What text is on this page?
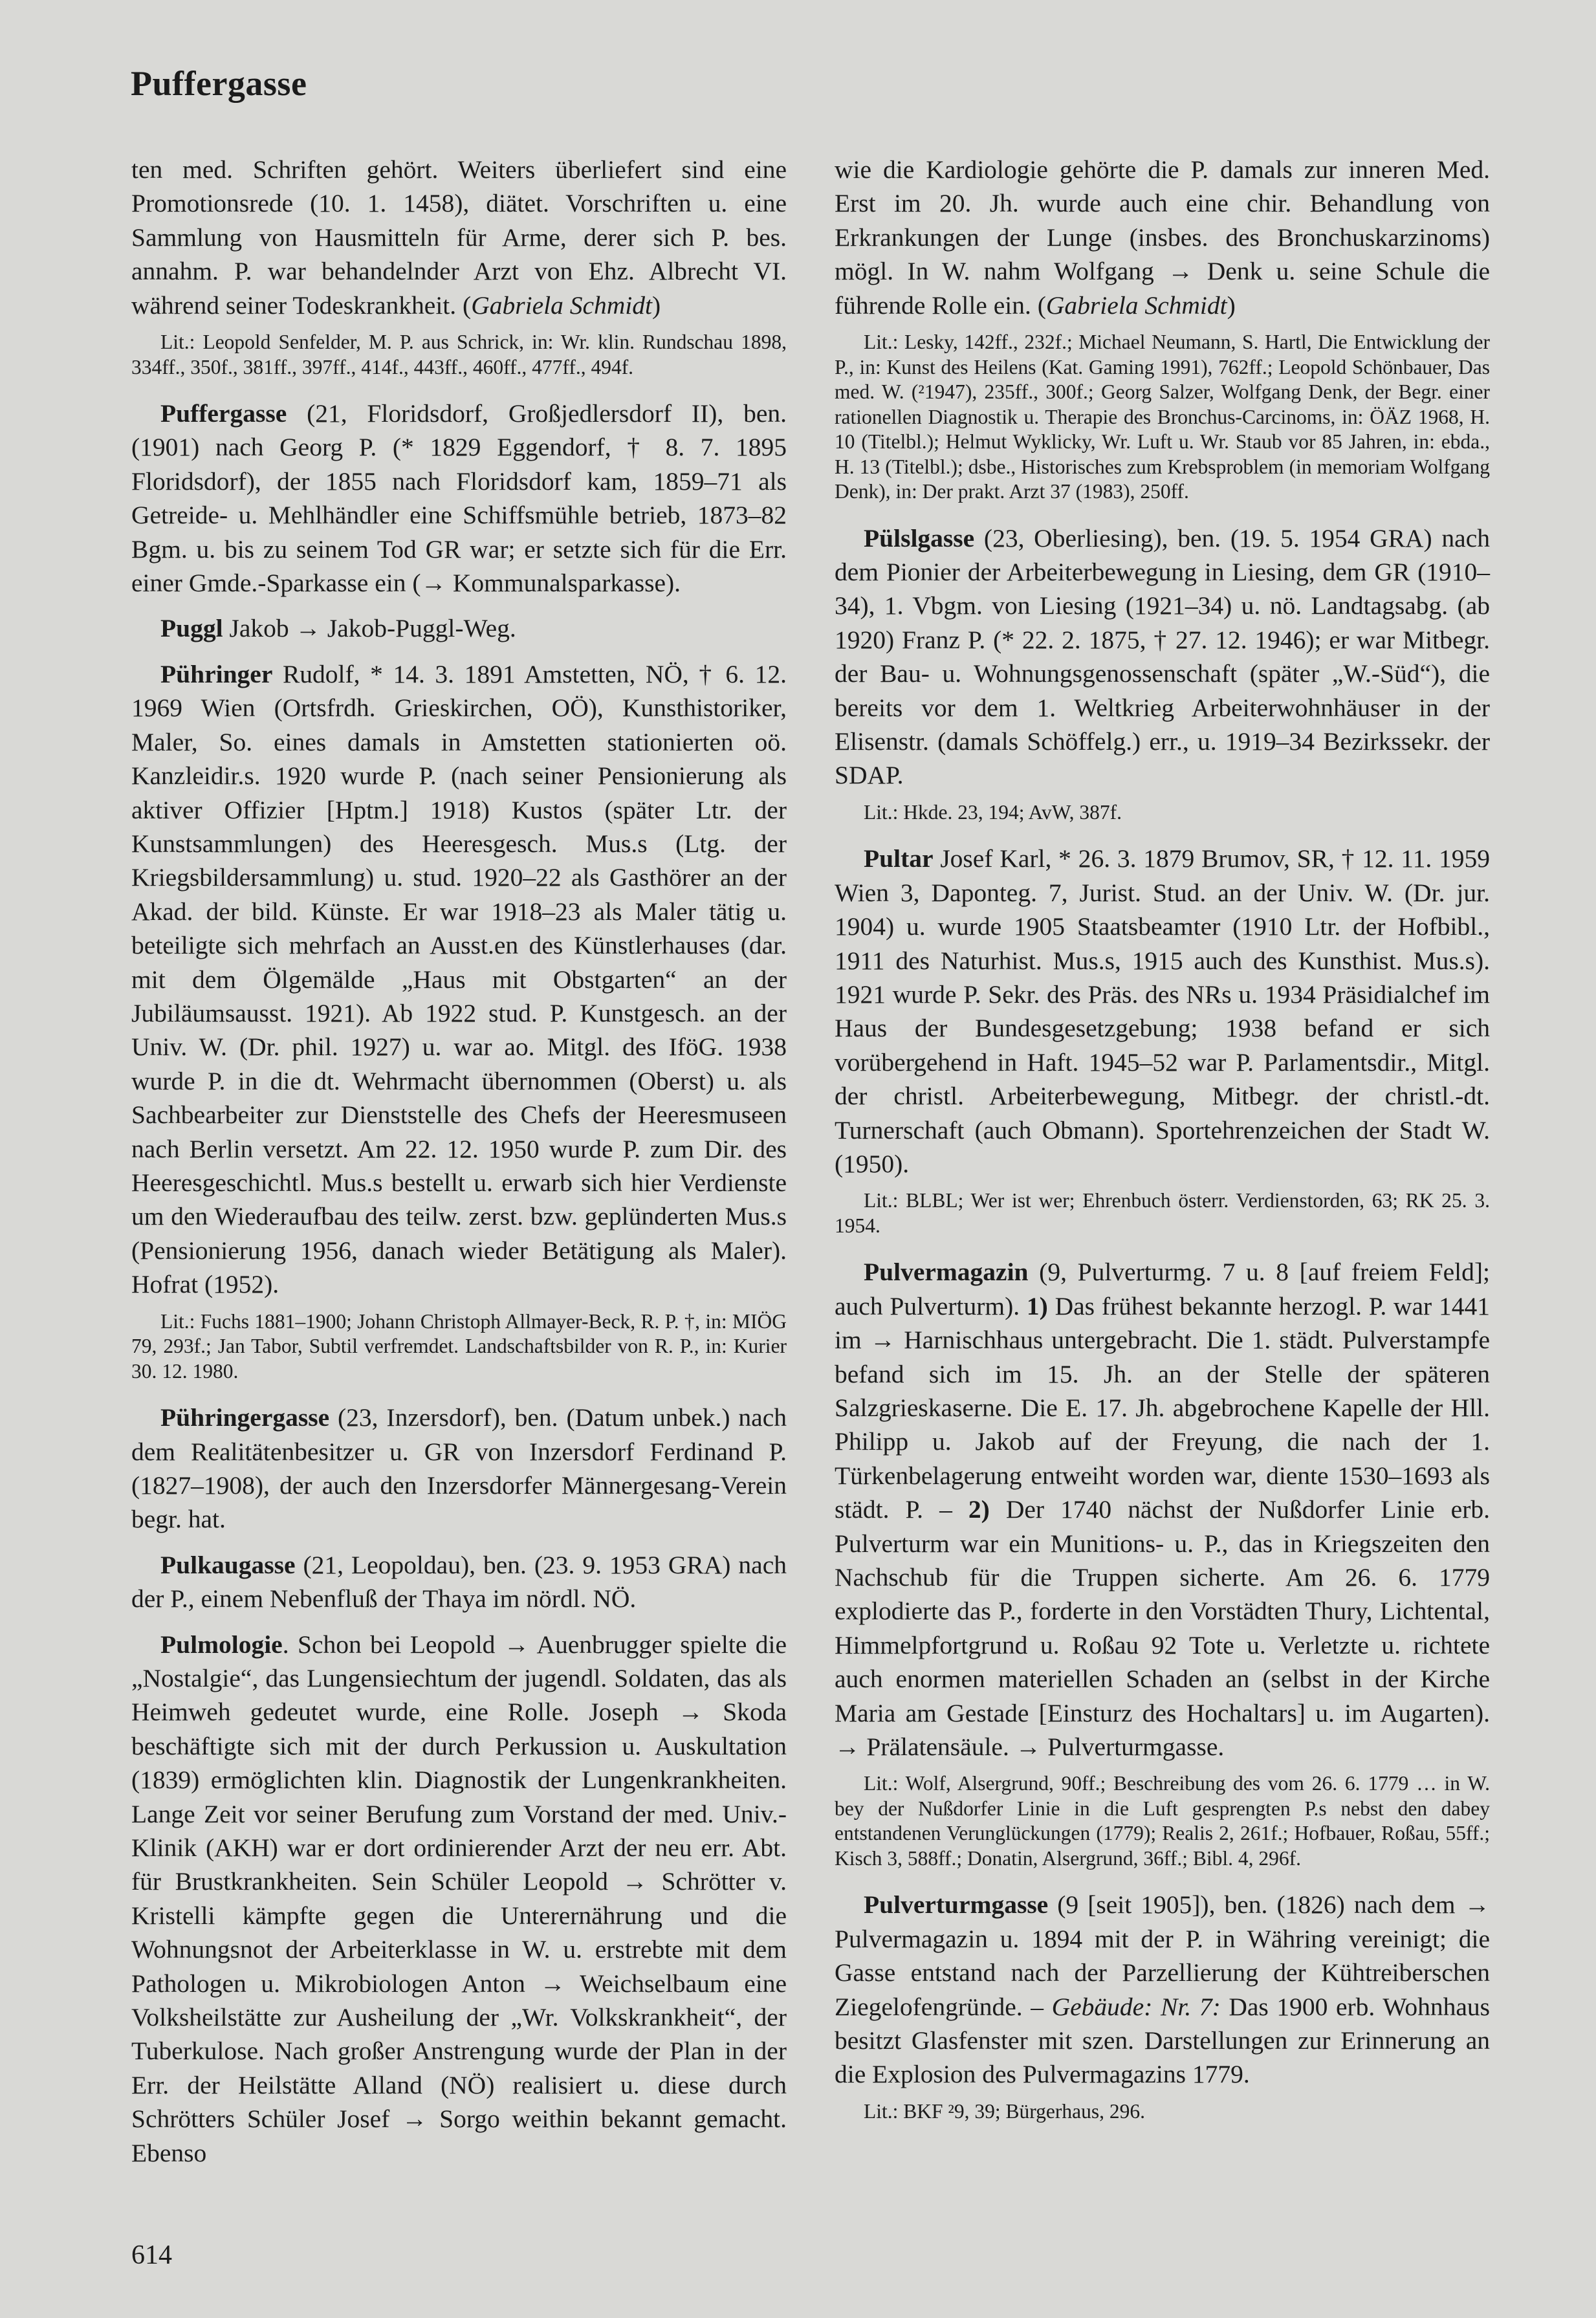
Puffergasse

ten med. Schriften gehört. Weiters überliefert sind eine Promotionsrede (10. 1. 1458), diätet. Vorschriften u. eine Sammlung von Hausmitteln für Arme, derer sich P. bes. annahm. P. war behandelnder Arzt von Ehz. Albrecht VI. während seiner Todeskrankheit. (Gabriela Schmidt)

Lit.: Leopold Senfelder, M. P. aus Schrick, in: Wr. klin. Rundschau 1898, 334ff., 350f., 381ff., 397ff., 414f., 443ff., 460ff., 477ff., 494f.

Puffergasse (21, Floridsdorf, Großjedlersdorf II), ben. (1901) nach Georg P. (* 1829 Eggendorf, † 8. 7. 1895 Floridsdorf), der 1855 nach Floridsdorf kam, 1859–71 als Getreide- u. Mehlhändler eine Schiffsmühle betrieb, 1873–82 Bgm. u. bis zu seinem Tod GR war; er setzte sich für die Err. einer Gmde.-Sparkasse ein (→ Kommunalsparkasse).

Puggl Jakob → Jakob-Puggl-Weg.

Pühringer Rudolf, * 14. 3. 1891 Amstetten, NÖ, † 6. 12. 1969 Wien (Ortsfrdh. Grieskirchen, OÖ), Kunsthistoriker, Maler, So. eines damals in Amstetten stationierten oö. Kanzleidir.s. 1920 wurde P. (nach seiner Pensionierung als aktiver Offizier [Hptm.] 1918) Kustos (später Ltr. der Kunstsammlungen) des Heeresgesch. Mus.s (Ltg. der Kriegsbildersammlung) u. stud. 1920–22 als Gasthörer an der Akad. der bild. Künste. Er war 1918–23 als Maler tätig u. beteiligte sich mehrfach an Ausst.en des Künstlerhauses (dar. mit dem Ölgemälde „Haus mit Obstgarten“ an der Jubiläumsausst. 1921). Ab 1922 stud. P. Kunstgesch. an der Univ. W. (Dr. phil. 1927) u. war ao. Mitgl. des IföG. 1938 wurde P. in die dt. Wehrmacht übernommen (Oberst) u. als Sachbearbeiter zur Dienststelle des Chefs der Heeresmuseen nach Berlin versetzt. Am 22. 12. 1950 wurde P. zum Dir. des Heeresgeschichtl. Mus.s bestellt u. erwarb sich hier Verdienste um den Wiederaufbau des teilw. zerst. bzw. geplünderten Mus.s (Pensionierung 1956, danach wieder Betätigung als Maler). Hofrat (1952).

Lit.: Fuchs 1881–1900; Johann Christoph Allmayer-Beck, R. P. †, in: MIÖG 79, 293f.; Jan Tabor, Subtil verfremdet. Landschaftsbilder von R. P., in: Kurier 30. 12. 1980.

Pühringergasse (23, Inzersdorf), ben. (Datum unbek.) nach dem Realitätenbesitzer u. GR von Inzersdorf Ferdinand P. (1827–1908), der auch den Inzersdorfer Männergesang-Verein begr. hat.

Pulkaugasse (21, Leopoldau), ben. (23. 9. 1953 GRA) nach der P., einem Nebenfluß der Thaya im nördl. NÖ.

Pulmologie. Schon bei Leopold → Auenbrugger spielte die „Nostalgie“, das Lungensiechtum der jugendl. Soldaten, das als Heimweh gedeutet wurde, eine Rolle. Joseph → Skoda beschäftigte sich mit der durch Perkussion u. Auskultation (1839) ermöglichten klin. Diagnostik der Lungenkrankheiten. Lange Zeit vor seiner Berufung zum Vorstand der med. Univ.-Klinik (AKH) war er dort ordinierender Arzt der neu err. Abt. für Brustkrankheiten. Sein Schüler Leopold → Schrötter v. Kristelli kämpfte gegen die Unterernährung und die Wohnungsnot der Arbeiterklasse in W. u. erstrebte mit dem Pathologen u. Mikrobiologen Anton → Weichselbaum eine Volksheilstätte zur Ausheilung der „Wr. Volkskrankheit“, der Tuberkulose. Nach großer Anstrengung wurde der Plan in der Err. der Heilstätte Alland (NÖ) realisiert u. diese durch Schrötters Schüler Josef → Sorgo weithin bekannt gemacht. Ebenso

wie die Kardiologie gehörte die P. damals zur inneren Med. Erst im 20. Jh. wurde auch eine chir. Behandlung von Erkrankungen der Lunge (insbes. des Bronchuskarzinoms) mögl. In W. nahm Wolfgang → Denk u. seine Schule die führende Rolle ein. (Gabriela Schmidt)

Lit.: Lesky, 142ff., 232f.; Michael Neumann, S. Hartl, Die Entwicklung der P., in: Kunst des Heilens (Kat. Gaming 1991), 762ff.; Leopold Schönbauer, Das med. W. (²1947), 235ff., 300f.; Georg Salzer, Wolfgang Denk, der Begr. einer rationellen Diagnostik u. Therapie des Bronchus-Carcinoms, in: ÖÄZ 1968, H. 10 (Titelbl.); Helmut Wyklicky, Wr. Luft u. Wr. Staub vor 85 Jahren, in: ebda., H. 13 (Titelbl.); dsbe., Historisches zum Krebsproblem (in memoriam Wolfgang Denk), in: Der prakt. Arzt 37 (1983), 250ff.

Pülslgasse (23, Oberliesing), ben. (19. 5. 1954 GRA) nach dem Pionier der Arbeiterbewegung in Liesing, dem GR (1910–34), 1. Vbgm. von Liesing (1921–34) u. nö. Landtagsabg. (ab 1920) Franz P. (* 22. 2. 1875, † 27. 12. 1946); er war Mitbegr. der Bau- u. Wohnungsgenossenschaft (später „W.-Süd“), die bereits vor dem 1. Weltkrieg Arbeiterwohnhäuser in der Elisenstr. (damals Schöffelg.) err., u. 1919–34 Bezirkssekr. der SDAP.

Lit.: Hkde. 23, 194; AvW, 387f.

Pultar Josef Karl, * 26. 3. 1879 Brumov, SR, † 12. 11. 1959 Wien 3, Daponteg. 7, Jurist. Stud. an der Univ. W. (Dr. jur. 1904) u. wurde 1905 Staatsbeamter (1910 Ltr. der Hofbibl., 1911 des Naturhist. Mus.s, 1915 auch des Kunsthist. Mus.s). 1921 wurde P. Sekr. des Präs. des NRs u. 1934 Präsidialchef im Haus der Bundesgesetzgebung; 1938 befand er sich vorübergehend in Haft. 1945–52 war P. Parlamentsdir., Mitgl. der christl. Arbeiterbewegung, Mitbegr. der christl.-dt. Turnerschaft (auch Obmann). Sportehrenzeichen der Stadt W. (1950).

Lit.: BLBL; Wer ist wer; Ehrenbuch österr. Verdienstorden, 63; RK 25. 3. 1954.

Pulvermagazin (9, Pulverturmg. 7 u. 8 [auf freiem Feld]; auch Pulverturm). 1) Das frühest bekannte herzogl. P. war 1441 im → Harnischhaus untergebracht. Die 1. städt. Pulverstampfe befand sich im 15. Jh. an der Stelle der späteren Salzgrieskaserne. Die E. 17. Jh. abgebrochene Kapelle der Hll. Philipp u. Jakob auf der Freyung, die nach der 1. Türkenbelagerung entweiht worden war, diente 1530–1693 als städt. P. – 2) Der 1740 nächst der Nußdorfer Linie erb. Pulverturm war ein Munitions- u. P., das in Kriegszeiten den Nachschub für die Truppen sicherte. Am 26. 6. 1779 explodierte das P., forderte in den Vorstädten Thury, Lichtental, Himmelpfortgrund u. Roßau 92 Tote u. Verletzte u. richtete auch enormen materiellen Schaden an (selbst in der Kirche Maria am Gestade [Einsturz des Hochaltars] u. im Augarten). → Prälatensäule. → Pulverturmgasse.

Lit.: Wolf, Alsergrund, 90ff.; Beschreibung des vom 26. 6. 1779 … in W. bey der Nußdorfer Linie in die Luft gesprengten P.s nebst den dabey entstandenen Verunglückungen (1779); Realis 2, 261f.; Hofbauer, Roßau, 55ff.; Kisch 3, 588ff.; Donatin, Alsergrund, 36ff.; Bibl. 4, 296f.

Pulverturmgasse (9 [seit 1905]), ben. (1826) nach dem → Pulvermagazin u. 1894 mit der P. in Währing vereinigt; die Gasse entstand nach der Parzellierung der Kühtreiberschen Ziegelofengründe. – Gebäude: Nr. 7: Das 1900 erb. Wohnhaus besitzt Glasfenster mit szen. Darstellungen zur Erinnerung an die Explosion des Pulvermagazins 1779.

Lit.: BKF ²9, 39; Bürgerhaus, 296.

614
